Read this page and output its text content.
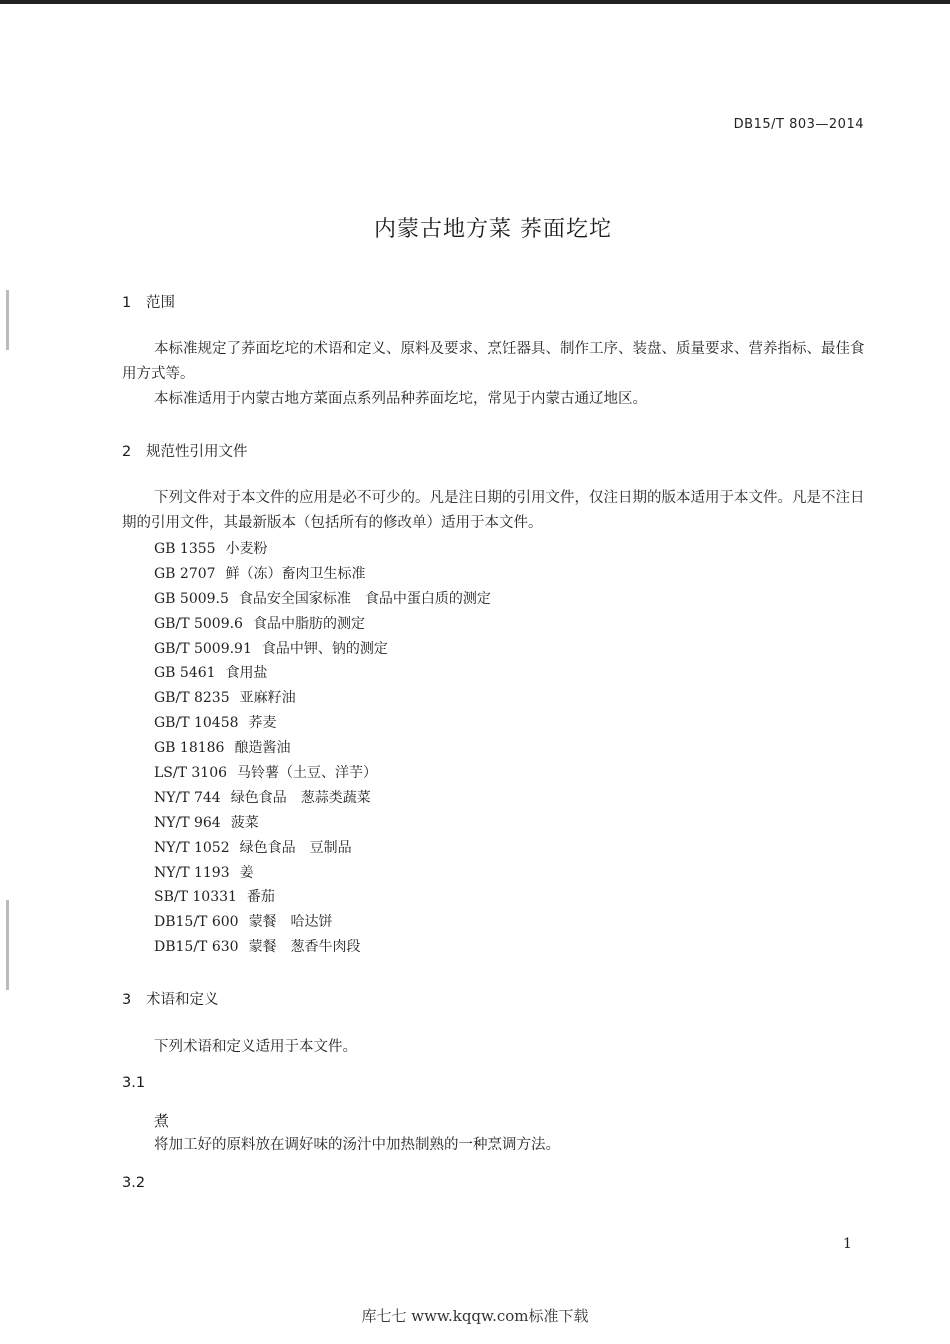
DB15/T 803—2014
内蒙古地方菜 荞面圪坨
1 范围
本标准规定了荞面圪坨的术语和定义、原料及要求、烹饪器具、制作工序、装盘、质量要求、营养指标、最佳食用方式等。
本标准适用于内蒙古地方菜面点系列品种荞面圪坨，常见于内蒙古通辽地区。
2 规范性引用文件
下列文件对于本文件的应用是必不可少的。凡是注日期的引用文件，仅注日期的版本适用于本文件。凡是不注日期的引用文件，其最新版本（包括所有的修改单）适用于本文件。
GB 1355 小麦粉
GB 2707 鲜（冻）畜肉卫生标准
GB 5009.5 食品安全国家标准　食品中蛋白质的测定
GB/T 5009.6 食品中脂肪的测定
GB/T 5009.91 食品中钾、钠的测定
GB 5461 食用盐
GB/T 8235 亚麻籽油
GB/T 10458 荞麦
GB 18186 酿造酱油
LS/T 3106 马铃薯（土豆、洋芋）
NY/T 744 绿色食品　葱蒜类蔬菜
NY/T 964 菠菜
NY/T 1052 绿色食品　豆制品
NY/T 1193 姜
SB/T 10331 番茄
DB15/T 600 蒙餐　哈达饼
DB15/T 630 蒙餐　葱香牛肉段
3 术语和定义
下列术语和定义适用于本文件。
3.1
煮
将加工好的原料放在调好味的汤汁中加热制熟的一种烹调方法。
3.2
1
库七七 www.kqqw.com标准下载
